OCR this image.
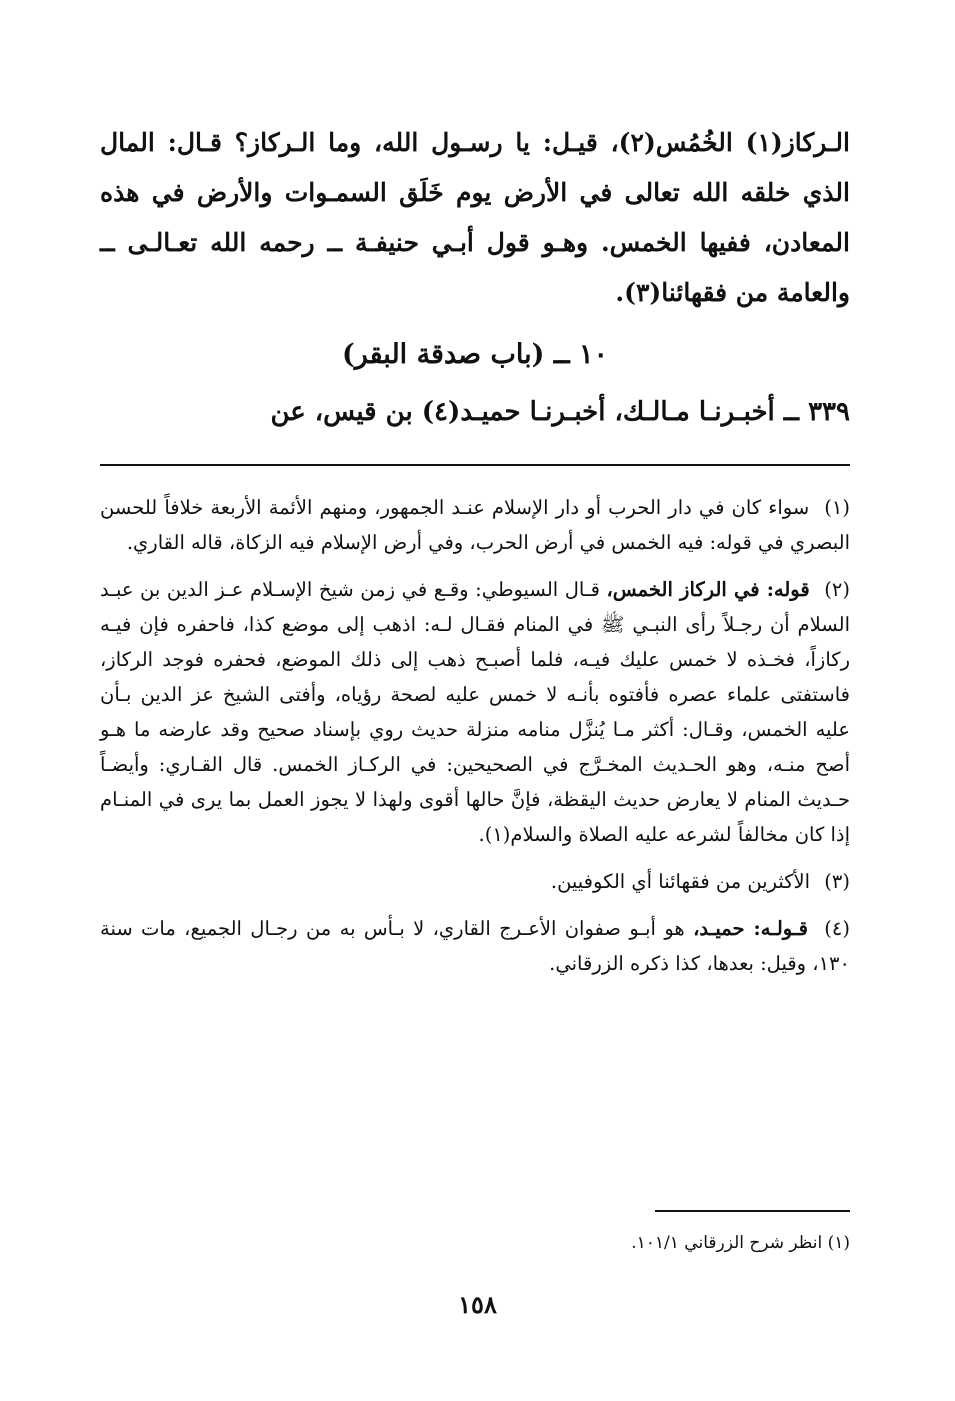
الـركاز(١) الخُمُس(٢)، قيـل: يا رسـول الله، وما الـركاز؟ قـال: المال الذي خلقه الله تعالى في الأرض يوم خَلَق السمـوات والأرض في هذه المعادن، ففيها الخمس. وهـو قول أبـي حنيفـة ــ رحمه الله تعـالـى ــ والعامة من فقهائنا(٣).
١٠ ــ (باب صدقة البقر)
٣٣٩ ــ أخبـرنـا مـالـك، أخبـرنـا حميـد(٤) بن قيس، عن

(١) سواء كان في دار الحرب أو دار الإسلام عنـد الجمهور، ومنهم الأئمة الأربعة خلافاً للحسن البصري في قوله: فيه الخمس في أرض الحرب، وفي أرض الإسلام فيه الزكاة، قاله القاري.

(٢) قوله: في الركاز الخمس، قـال السيوطي: وقـع في زمن شيخ الإسـلام عـز الدين بن عبـد السلام أن رجـلاً رأى النبـي ﷺ في المنام فقـال لـه: اذهب إلى موضع كذا، فاحفره فإن فيـه ركازاً، فخـذه لا خمس عليك فيـه، فلما أصبـح ذهب إلى ذلك الموضع، فحفره فوجد الركاز، فاستفتى علماء عصره فأفتوه بأنـه لا خمس عليه لصحة رؤياه، وأفتى الشيخ عز الدين بـأن عليه الخمس، وقـال: أكثر مـا يُنزَّل منامه منزلة حديث روي بإسناد صحيح وقد عارضه ما هـو أصح منـه، وهو الحـديث المخـرَّج في الصحيحين: في الركـاز الخمس. قال القـاري: وأيضـاً حـديث المنام لا يعارض حديث اليقظة، فإنَّ حالها أقوى ولهذا لا يجوز العمل بما يرى في المنـام إذا كان مخالفاً لشرعه عليه الصلاة والسلام(١).

(٣) الأكثرين من فقهائنا أي الكوفيين.

(٤) قـولـه: حميـد، هو أبـو صفوان الأعـرج القاري، لا بـأس به من رجـال الجميع، مات سنة ١٣٠، وقيل: بعدها، كذا ذكره الزرقاني.

(١) انظر شرح الزرقاني ١٠١/١.
١٥٨
